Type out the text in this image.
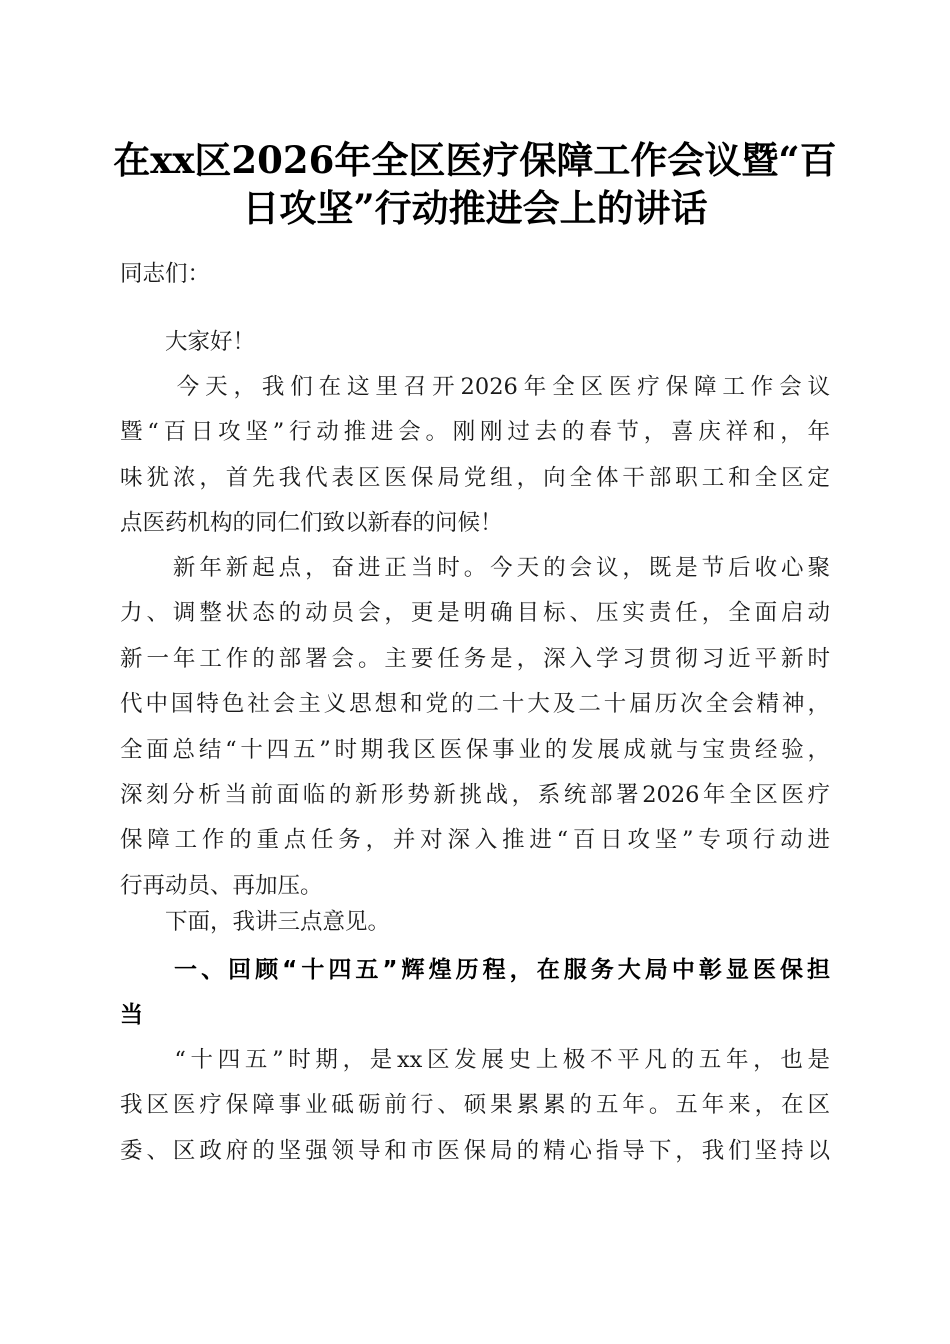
在xx区2026年全区医疗保障工作会议暨“百
日攻坚”行动推进会上的讲话
同志们：
　　大家好！
　　今天，我们在这里召开2026年全区医疗保障工作会议
暨“百日攻坚”行动推进会。刚刚过去的春节，喜庆祥和，年
味犹浓，首先我代表区医保局党组，向全体干部职工和全区定
点医药机构的同仁们致以新春的问候！
　　新年新起点，奋进正当时。今天的会议，既是节后收心聚
力、调整状态的动员会，更是明确目标、压实责任，全面启动
新一年工作的部署会。主要任务是，深入学习贯彻习近平新时
代中国特色社会主义思想和党的二十大及二十届历次全会精神，
全面总结“十四五”时期我区医保事业的发展成就与宝贵经验，
深刻分析当前面临的新形势新挑战，系统部署2026年全区医疗
保障工作的重点任务，并对深入推进“百日攻坚”专项行动进
行再动员、再加压。
　　下面，我讲三点意见。
　　一、回顾“十四五”辉煌历程，在服务大局中彰显医保担
当
　　“十四五”时期，是xx区发展史上极不平凡的五年，也是
我区医疗保障事业砥砺前行、硕果累累的五年。五年来，在区
委、区政府的坚强领导和市医保局的精心指导下，我们坚持以
